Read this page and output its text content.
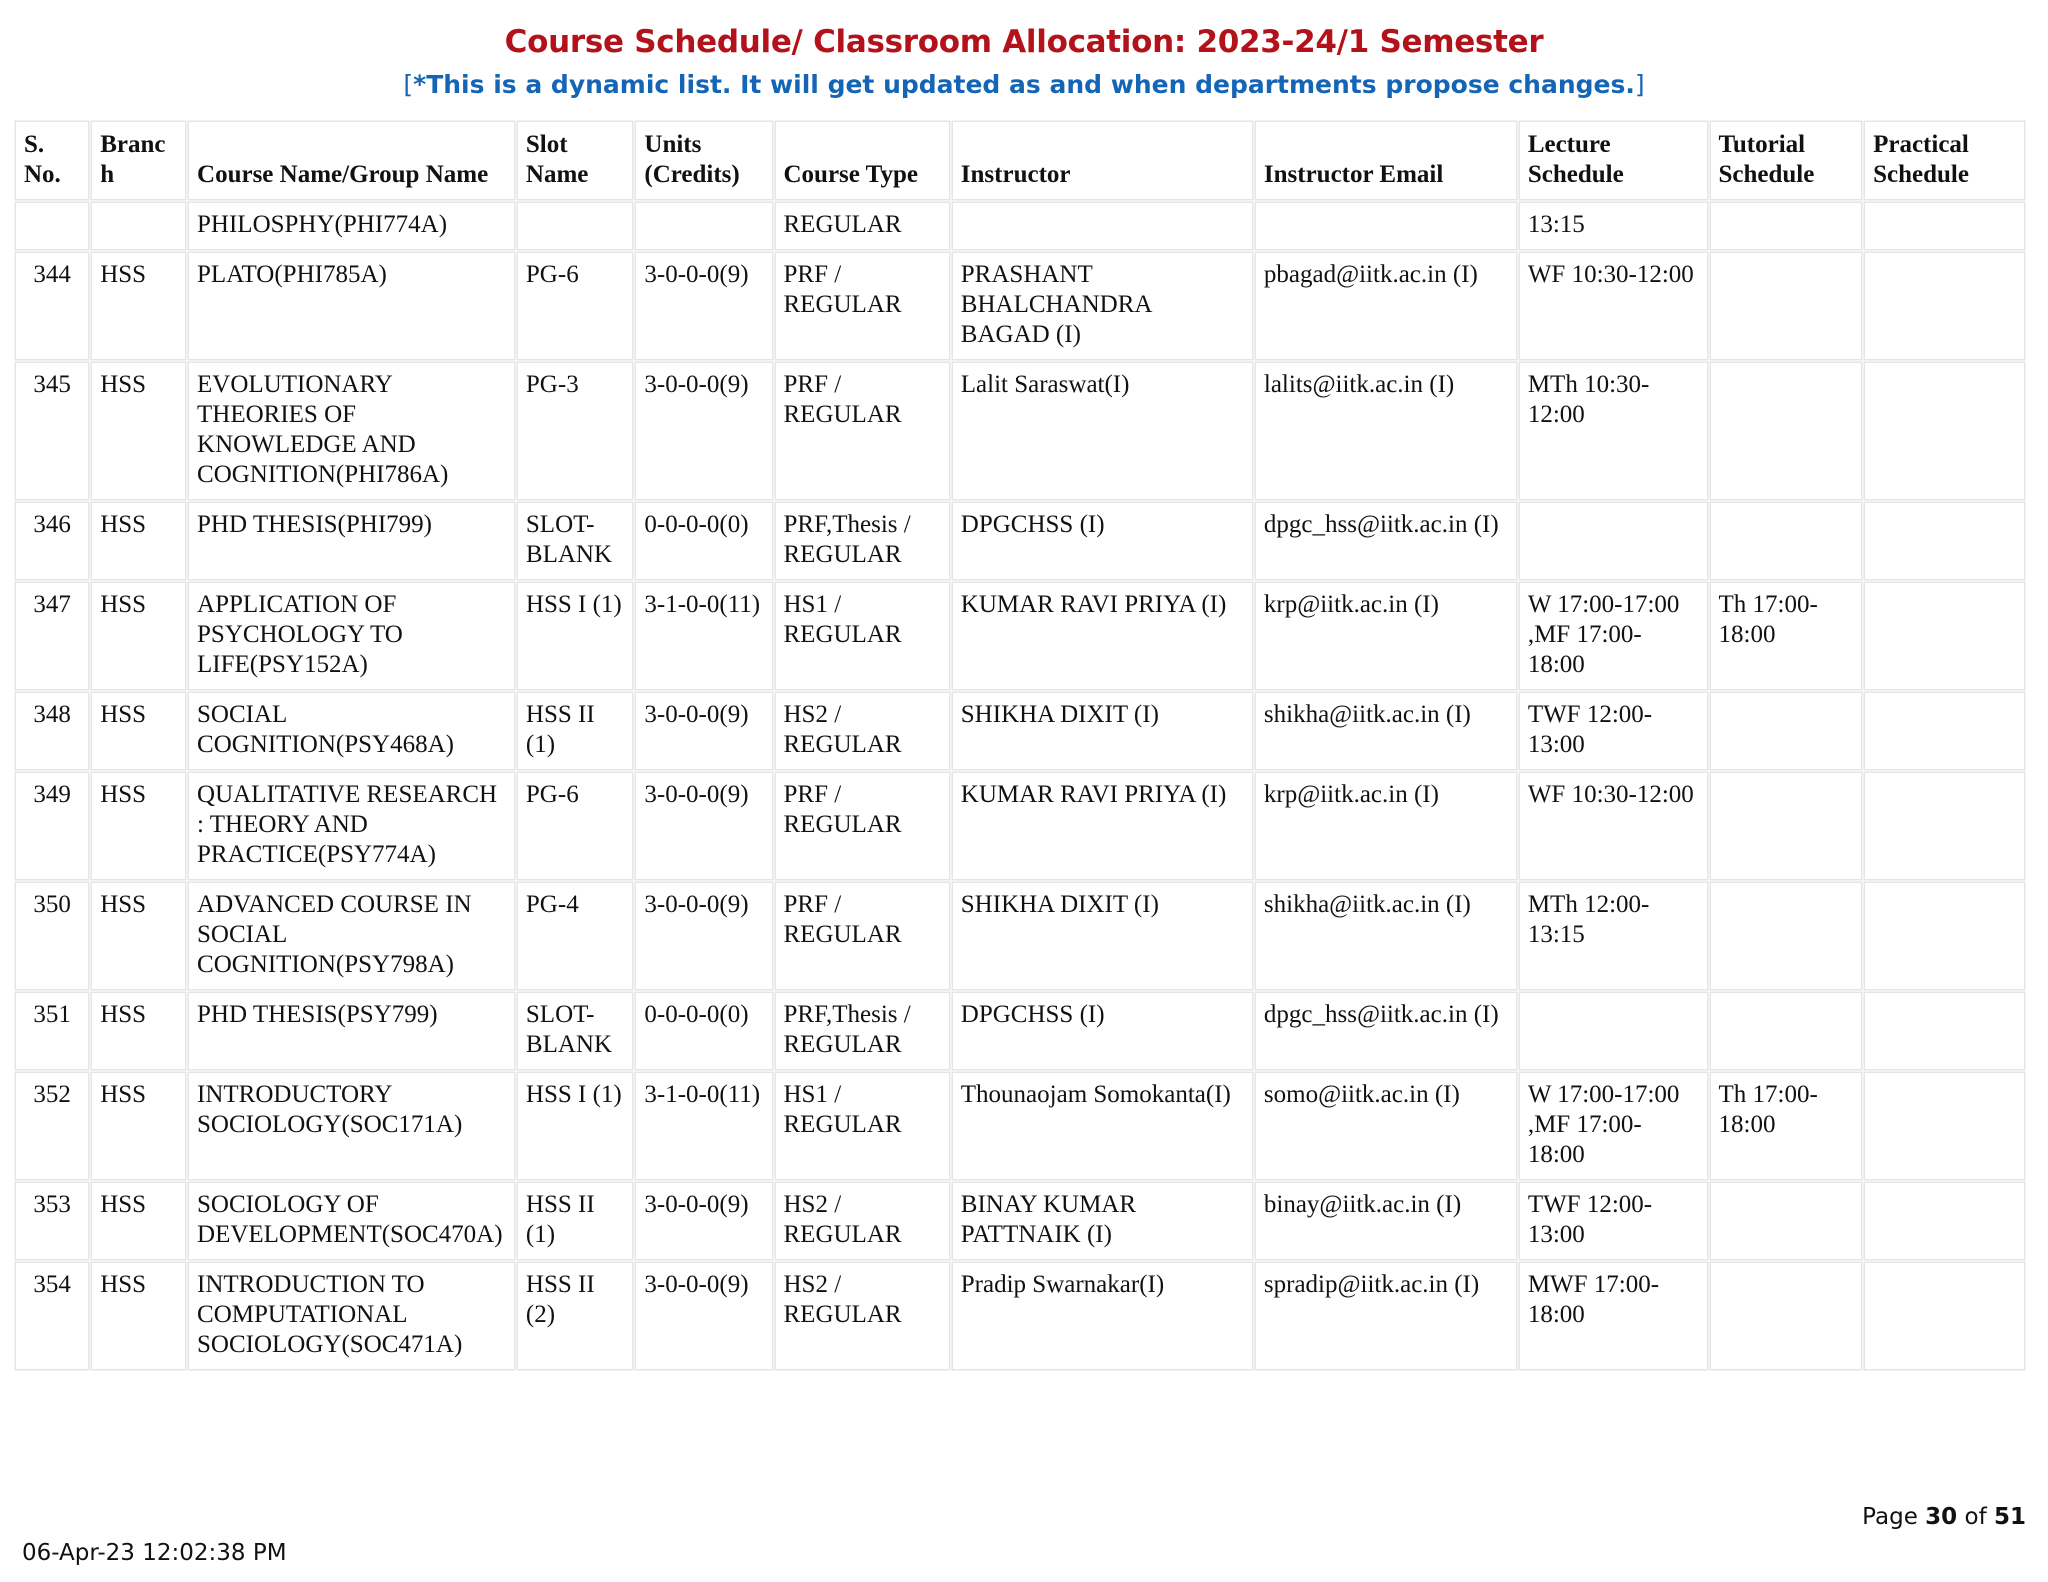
Course Schedule/ Classroom Allocation: 2023-24/1 Semester
[*This is a dynamic list. It will get updated as and when departments propose changes.]
S. No.	Branch	Course Name/Group Name	Slot Name	Units (Credits)	Course Type	Instructor	Instructor Email	Lecture Schedule	Tutorial Schedule	Practical Schedule
		PHILOSPHY(PHI774A)			REGULAR			13:15		
344	HSS	PLATO(PHI785A)	PG-6	3-0-0-0(9)	PRF / REGULAR	PRASHANT BHALCHANDRA BAGAD (I)	pbagad@iitk.ac.in (I)	WF 10:30-12:00		
345	HSS	EVOLUTIONARY THEORIES OF KNOWLEDGE AND COGNITION(PHI786A)	PG-3	3-0-0-0(9)	PRF / REGULAR	Lalit Saraswat(I)	lalits@iitk.ac.in (I)	MTh 10:30-12:00		
346	HSS	PHD THESIS(PHI799)	SLOT-BLANK	0-0-0-0(0)	PRF,Thesis / REGULAR	DPGCHSS (I)	dpgc_hss@iitk.ac.in (I)			
347	HSS	APPLICATION OF PSYCHOLOGY TO LIFE(PSY152A)	HSS I (1)	3-1-0-0(11)	HS1 / REGULAR	KUMAR RAVI PRIYA (I)	krp@iitk.ac.in (I)	W 17:00-17:00 ,MF 17:00-18:00	Th 17:00-18:00	
348	HSS	SOCIAL COGNITION(PSY468A)	HSS II (1)	3-0-0-0(9)	HS2 / REGULAR	SHIKHA DIXIT (I)	shikha@iitk.ac.in (I)	TWF 12:00-13:00		
349	HSS	QUALITATIVE RESEARCH : THEORY AND PRACTICE(PSY774A)	PG-6	3-0-0-0(9)	PRF / REGULAR	KUMAR RAVI PRIYA (I)	krp@iitk.ac.in (I)	WF 10:30-12:00		
350	HSS	ADVANCED COURSE IN SOCIAL COGNITION(PSY798A)	PG-4	3-0-0-0(9)	PRF / REGULAR	SHIKHA DIXIT (I)	shikha@iitk.ac.in (I)	MTh 12:00-13:15		
351	HSS	PHD THESIS(PSY799)	SLOT-BLANK	0-0-0-0(0)	PRF,Thesis / REGULAR	DPGCHSS (I)	dpgc_hss@iitk.ac.in (I)			
352	HSS	INTRODUCTORY SOCIOLOGY(SOC171A)	HSS I (1)	3-1-0-0(11)	HS1 / REGULAR	Thounaojam Somokanta(I)	somo@iitk.ac.in (I)	W 17:00-17:00 ,MF 17:00-18:00	Th 17:00-18:00	
353	HSS	SOCIOLOGY OF DEVELOPMENT(SOC470A)	HSS II (1)	3-0-0-0(9)	HS2 / REGULAR	BINAY KUMAR PATTNAIK (I)	binay@iitk.ac.in (I)	TWF 12:00-13:00		
354	HSS	INTRODUCTION TO COMPUTATIONAL SOCIOLOGY(SOC471A)	HSS II (2)	3-0-0-0(9)	HS2 / REGULAR	Pradip Swarnakar(I)	spradip@iitk.ac.in (I)	MWF 17:00-18:00		
Page 30 of 51
06-Apr-23 12:02:38 PM
